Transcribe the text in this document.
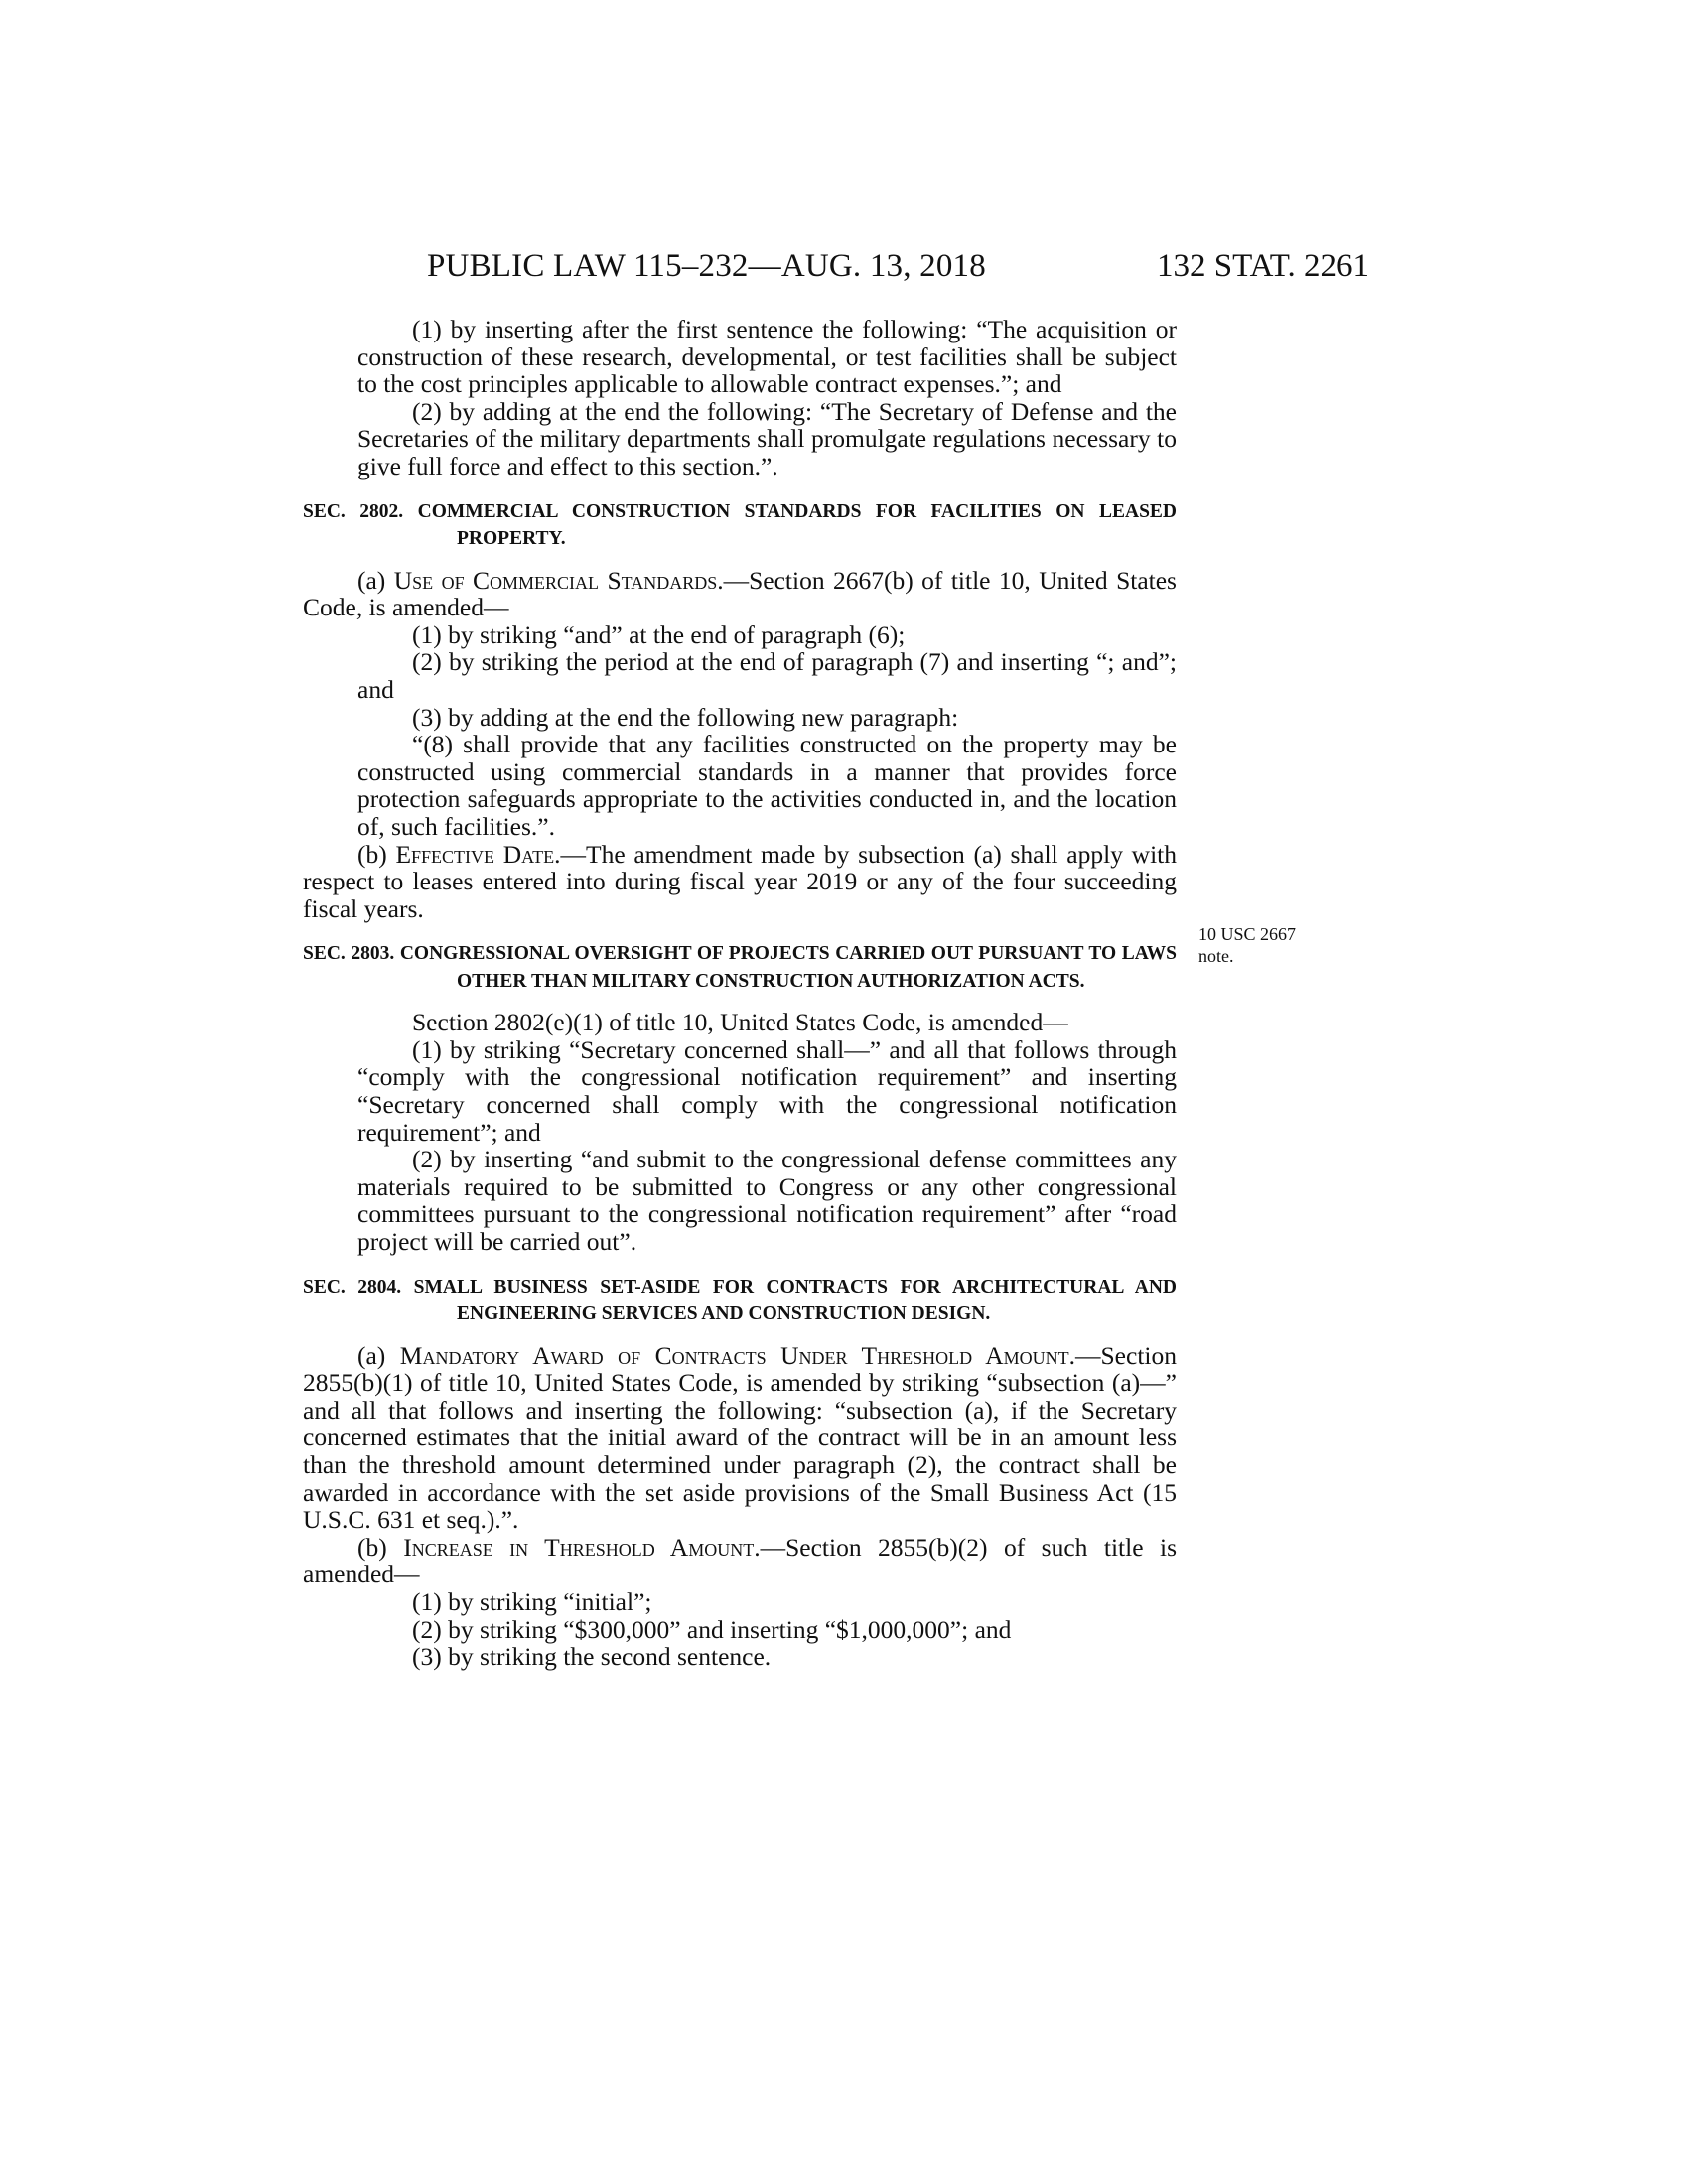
PUBLIC LAW 115–232—AUG. 13, 2018	132 STAT. 2261
10 USC 2667
note.

(1) by inserting after the first sentence the following: “The acquisition or construction of these research, developmental, or test facilities shall be subject to the cost principles applicable to allowable contract expenses.”; and

(2) by adding at the end the following: “The Secretary of Defense and the Secretaries of the military departments shall promulgate regulations necessary to give full force and effect to this section.”.

SEC. 2802. COMMERCIAL CONSTRUCTION STANDARDS FOR FACILITIES ON LEASED PROPERTY.

(a) Use of Commercial Standards.—Section 2667(b) of title 10, United States Code, is amended—

(1) by striking “and” at the end of paragraph (6);

(2) by striking the period at the end of paragraph (7) and inserting “; and”; and

(3) by adding at the end the following new paragraph:

“(8) shall provide that any facilities constructed on the property may be constructed using commercial standards in a manner that provides force protection safeguards appropriate to the activities conducted in, and the location of, such facilities.”.

(b) Effective Date.—The amendment made by subsection (a) shall apply with respect to leases entered into during fiscal year 2019 or any of the four succeeding fiscal years.

SEC. 2803. CONGRESSIONAL OVERSIGHT OF PROJECTS CARRIED OUT PURSUANT TO LAWS OTHER THAN MILITARY CONSTRUCTION AUTHORIZATION ACTS.

Section 2802(e)(1) of title 10, United States Code, is amended—

(1) by striking “Secretary concerned shall—” and all that follows through “comply with the congressional notification requirement” and inserting “Secretary concerned shall comply with the congressional notification requirement”; and

(2) by inserting “and submit to the congressional defense committees any materials required to be submitted to Congress or any other congressional committees pursuant to the congressional notification requirement” after “road project will be carried out”.

SEC. 2804. SMALL BUSINESS SET-ASIDE FOR CONTRACTS FOR ARCHITECTURAL AND ENGINEERING SERVICES AND CONSTRUCTION DESIGN.

(a) Mandatory Award of Contracts Under Threshold Amount.—Section 2855(b)(1) of title 10, United States Code, is amended by striking “subsection (a)—” and all that follows and inserting the following: “subsection (a), if the Secretary concerned estimates that the initial award of the contract will be in an amount less than the threshold amount determined under paragraph (2), the contract shall be awarded in accordance with the set aside provisions of the Small Business Act (15 U.S.C. 631 et seq.).”.

(b) Increase in Threshold Amount.—Section 2855(b)(2) of such title is amended—

(1) by striking “initial”;

(2) by striking “$300,000” and inserting “$1,000,000”; and

(3) by striking the second sentence.
